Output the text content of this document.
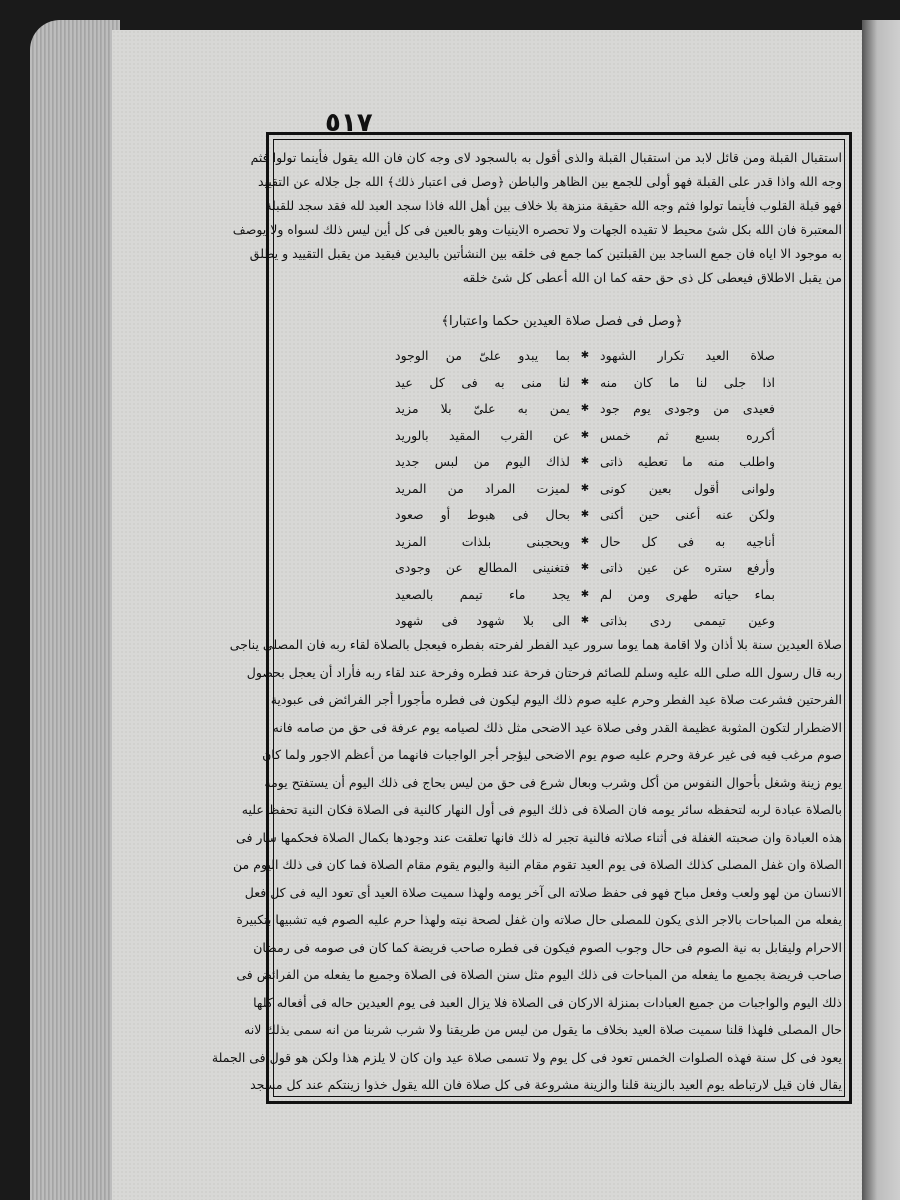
٥١٧
استقبال القبلة ومن قائل لابد من استقبال القبلة والذى أقول به بالسجود لاى وجه كان فان الله يقول فأينما تولوا فثم
وجه الله واذا قدر على القبلة فهو أولى للجمع بين الظاهر والباطن ﴿وصل فى اعتبار ذلك﴾ الله جل جلاله عن التقييد
فهو قبلة القلوب فأينما تولوا فثم وجه الله حقيقة منزهة بلا خلاف بين أهل الله فاذا سجد العبد لله فقد سجد للقبلة
المعتبرة فان الله بكل شئ محيط لا تقيده الجهات ولا تحصره الاينيات وهو بالعين فى كل أين ليس ذلك لسواه ولا يوصف
به موجود الا اياه فان جمع الساجد بين القبلتين كما جمع فى خلقه بين النشأتين باليدين فيقيد من يقبل التقييد و يطلق
من يقبل الاطلاق فيعطى كل ذى حق حقه كما ان الله أعطى كل شئ خلقه
﴿وصل فى فصل صلاة العيدين حكما واعتبارا﴾
صلاة العيد تكرار الشهود
✱
بما يبدو علىّ من الوجود
اذا جلى لنا ما كان منه
✱
لنا منى به فى كل عيد
فعيدى من وجودى يوم جود
✱
يمن به علىّ بلا مزيد
أكرره بسبع ثم خمس
✱
عن القرب المقيد بالوريد
واطلب منه ما تعطيه ذاتى
✱
لذاك اليوم من لبس جديد
ولوانى أقول بعين كونى
✱
لميزت المراد من المريد
ولكن عنه أعنى حين أكنى
✱
بحال فى هبوط أو صعود
أناجيه به فى كل حال
✱
ويحجبنى بلذات المزيد
وأرفع ستره عن عين ذاتى
✱
فتغنينى المطالع عن وجودى
بماء حياته طهرى ومن لم
✱
يجد ماء تيمم بالصعيد
وعين تيممى ردى بذاتى
✱
الى بلا شهود فى شهود
صلاة العيدين سنة بلا أذان ولا اقامة هما يوما سرور عيد الفطر لفرحته بفطره فيعجل بالصلاة لقاء ربه فان المصلى يناجى
ربه قال رسول الله صلى الله عليه وسلم للصائم فرحتان فرحة عند فطره وفرحة عند لقاء ربه فأراد أن يعجل بحصول
الفرحتين فشرعت صلاة عيد الفطر وحرم عليه صوم ذلك اليوم ليكون فى فطره مأجورا أجر الفرائض فى عبودية
الاضطرار لتكون المثوبة عظيمة القدر وفى صلاة عيد الاضحى مثل ذلك لصيامه يوم عرفة فى حق من صامه فانه
صوم مرغب فيه فى غير عرفة وحرم عليه صوم يوم الاضحى ليؤجر أجر الواجبات فانهما من أعظم الاجور ولما كان
يوم زينة وشغل بأحوال النفوس من أكل وشرب وبعال شرع فى حق من ليس بحاج فى ذلك اليوم أن يستفتح يومه
بالصلاة عبادة لربه لتحفظه سائر يومه فان الصلاة فى ذلك اليوم فى أول النهار كالنية فى الصلاة فكان النية تحفظ عليه
هذه العبادة وان صحبته الغفلة فى أثناء صلاته فالنية تجبر له ذلك فانها تعلقت عند وجودها بكمال الصلاة فحكمها سار فى
الصلاة وان غفل المصلى كذلك الصلاة فى يوم العيد تقوم مقام النية واليوم يقوم مقام الصلاة فما كان فى ذلك اليوم من
الانسان من لهو ولعب وفعل مباح فهو فى حفظ صلاته الى آخر يومه ولهذا سميت صلاة العيد أى تعود اليه فى كل فعل
يفعله من المباحات بالاجر الذى يكون للمصلى حال صلاته وان غفل لصحة نيته ولهذا حرم عليه الصوم فيه تشبيها بتكبيرة
الاحرام وليقابل به نية الصوم فى حال وجوب الصوم فيكون فى فطره صاحب فريضة كما كان فى صومه فى رمضان
صاحب فريضة بجميع ما يفعله من المباحات فى ذلك اليوم مثل سنن الصلاة فى الصلاة وجميع ما يفعله من الفرائض فى
ذلك اليوم والواجبات من جميع العبادات بمنزلة الاركان فى الصلاة فلا يزال العبد فى يوم العيدين حاله فى أفعاله كلها
حال المصلى فلهذا قلنا سميت صلاة العيد بخلاف ما يقول من ليس من طريقنا ولا شرب شربنا من انه سمى بذلك لانه
يعود فى كل سنة فهذه الصلوات الخمس تعود فى كل يوم ولا تسمى صلاة عيد وان كان لا يلزم هذا ولكن هو قول فى الجملة
يقال فان قيل لارتباطه يوم العيد بالزينة قلنا والزينة مشروعة فى كل صلاة فان الله يقول خذوا زينتكم عند كل مسجد
